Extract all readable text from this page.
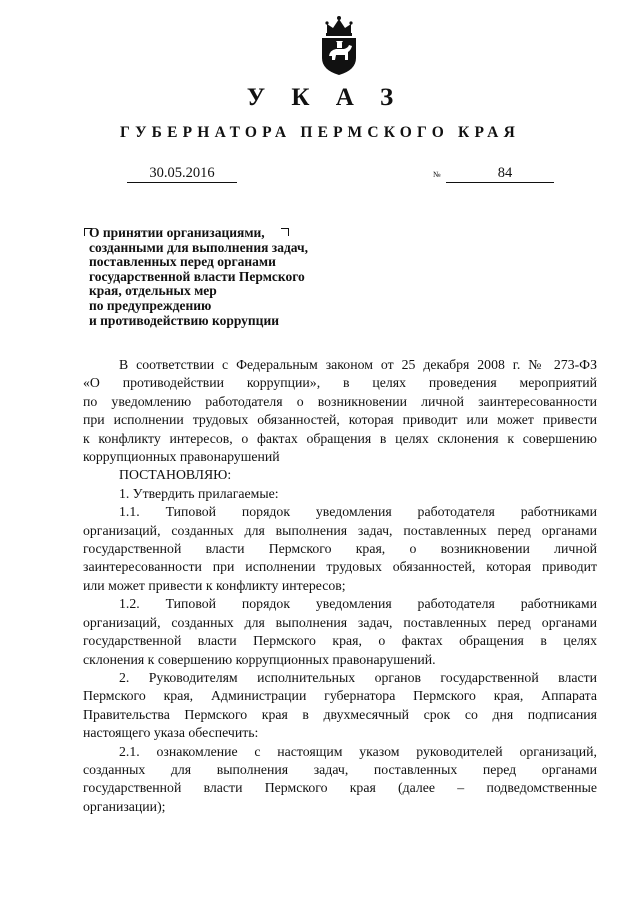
У К А З
ГУБЕРНАТОРА ПЕРМСКОГО КРАЯ
30.05.2016	№	84
О принятии организациями,
созданными для выполнения задач,
поставленных перед органами
государственной власти Пермского
края, отдельных мер
по предупреждению
и противодействию коррупции
В соответствии с Федеральным законом от 25 декабря 2008 г. № 273-ФЗ
«О противодействии коррупции», в целях проведения мероприятий
по уведомлению работодателя о возникновении личной заинтересованности
при исполнении трудовых обязанностей, которая приводит или может привести
к конфликту интересов, о фактах обращения в целях склонения к совершению
коррупционных правонарушений
ПОСТАНОВЛЯЮ:
1. Утвердить прилагаемые:
1.1. Типовой порядок уведомления работодателя работниками
организаций, созданных для выполнения задач, поставленных перед органами
государственной власти Пермского края, о возникновении личной
заинтересованности при исполнении трудовых обязанностей, которая приводит
или может привести к конфликту интересов;
1.2. Типовой порядок уведомления работодателя работниками
организаций, созданных для выполнения задач, поставленных перед органами
государственной власти Пермского края, о фактах обращения в целях
склонения к совершению коррупционных правонарушений.
2. Руководителям исполнительных органов государственной власти
Пермского края, Администрации губернатора Пермского края, Аппарата
Правительства Пермского края в двухмесячный срок со дня подписания
настоящего указа обеспечить:
2.1. ознакомление с настоящим указом руководителей организаций,
созданных для выполнения задач, поставленных перед органами
государственной власти Пермского края (далее – подведомственные
организации);
